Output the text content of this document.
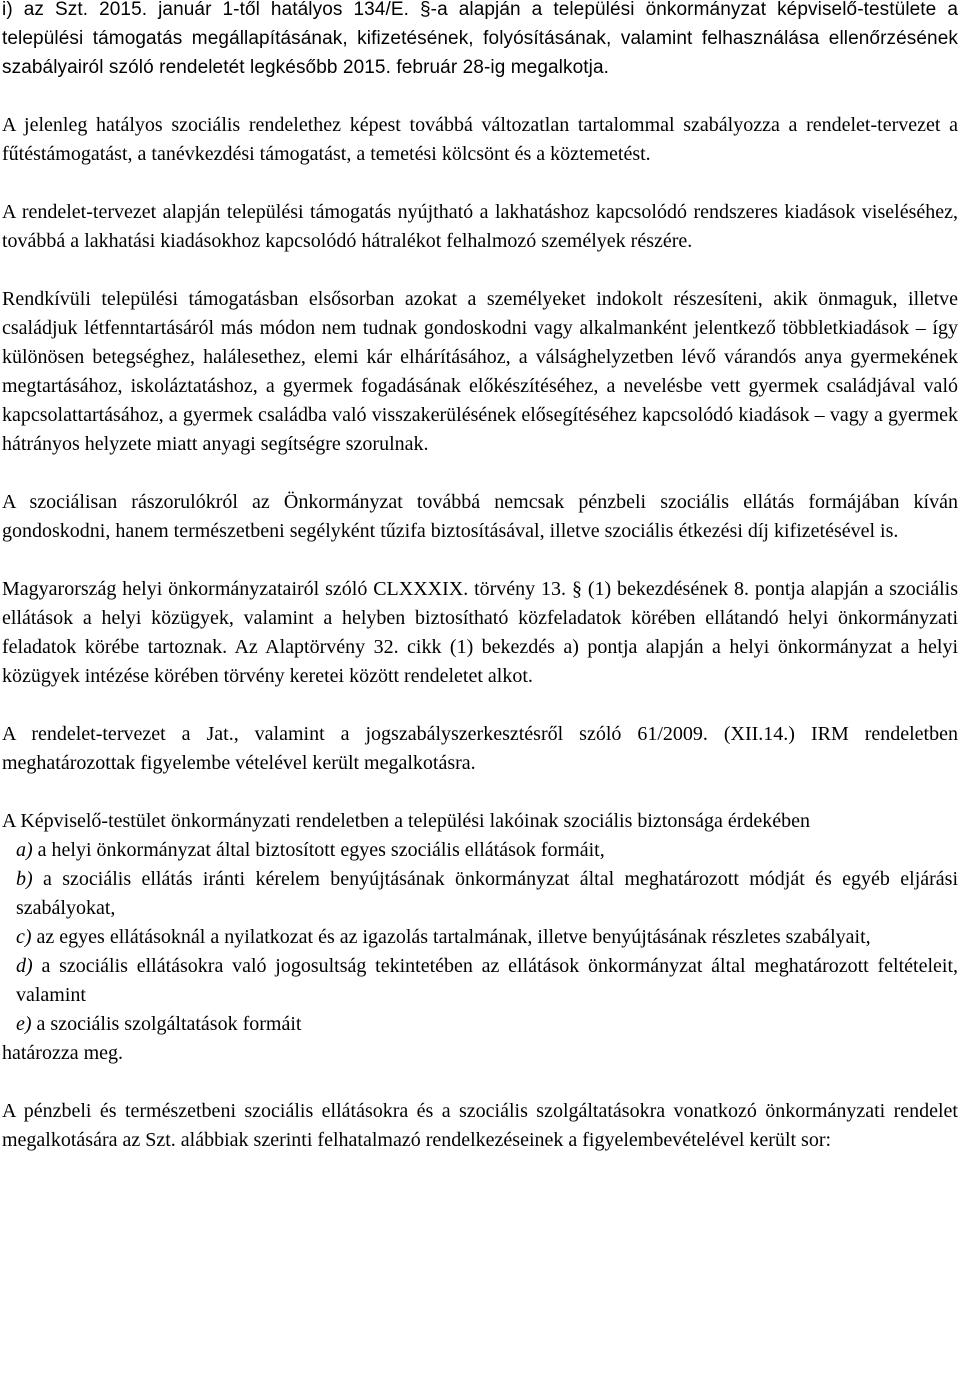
i) az Szt. 2015. január 1-től hatályos 134/E. §-a alapján a települési önkormányzat képviselő-testülete a települési támogatás megállapításának, kifizetésének, folyósításának, valamint felhasználása ellenőrzésének szabályairól szóló rendeletét legkésőbb 2015. február 28-ig megalkotja.

A jelenleg hatályos szociális rendelethez képest továbbá változatlan tartalommal szabályozza a rendelet-tervezet a fűtéstámogatást, a tanévkezdési támogatást, a temetési kölcsönt és a köztemetést.

A rendelet-tervezet alapján települési támogatás nyújtható a lakhatáshoz kapcsolódó rendszeres kiadások viseléséhez, továbbá a lakhatási kiadásokhoz kapcsolódó hátralékot felhalmozó személyek részére.

Rendkívüli települési támogatásban elsősorban azokat a személyeket indokolt részesíteni, akik önmaguk, illetve családjuk létfenntartásáról más módon nem tudnak gondoskodni vagy alkalmanként jelentkező többletkiadások – így különösen betegséghez, halálesethez, elemi kár elhárításához, a válsághelyzetben lévő várandós anya gyermekének megtartásához, iskoláztatáshoz, a gyermek fogadásának előkészítéséhez, a nevelésbe vett gyermek családjával való kapcsolattartásához, a gyermek családba való visszakerülésének elősegítéséhez kapcsolódó kiadások – vagy a gyermek hátrányos helyzete miatt anyagi segítségre szorulnak.

A szociálisan rászorulókról az Önkormányzat továbbá nemcsak pénzbeli szociális ellátás formájában kíván gondoskodni, hanem természetbeni segélyként tűzifa biztosításával, illetve szociális étkezési díj kifizetésével is.

Magyarország helyi önkormányzatairól szóló CLXXXIX. törvény 13. § (1) bekezdésének 8. pontja alapján a szociális ellátások a helyi közügyek, valamint a helyben biztosítható közfeladatok körében ellátandó helyi önkormányzati feladatok körébe tartoznak. Az Alaptörvény 32. cikk (1) bekezdés a) pontja alapján a helyi önkormányzat a helyi közügyek intézése körében törvény keretei között rendeletet alkot.

A rendelet-tervezet a Jat., valamint a jogszabályszerkesztésről szóló 61/2009. (XII.14.) IRM rendeletben meghatározottak figyelembe vételével került megalkotásra.

A Képviselő-testület önkormányzati rendeletben a települési lakóinak szociális biztonsága érdekében

a) a helyi önkormányzat által biztosított egyes szociális ellátások formáit,
b) a szociális ellátás iránti kérelem benyújtásának önkormányzat által meghatározott módját és egyéb eljárási szabályokat,
c) az egyes ellátásoknál a nyilatkozat és az igazolás tartalmának, illetve benyújtásának részletes szabályait,
d) a szociális ellátásokra való jogosultság tekintetében az ellátások önkormányzat által meghatározott feltételeit, valamint
e) a szociális szolgáltatások formáit

határozza meg.

A pénzbeli és természetbeni szociális ellátásokra és a szociális szolgáltatásokra vonatkozó önkormányzati rendelet megalkotására az Szt. alábbiak szerinti felhatalmazó rendelkezéseinek a figyelembevételével került sor:
